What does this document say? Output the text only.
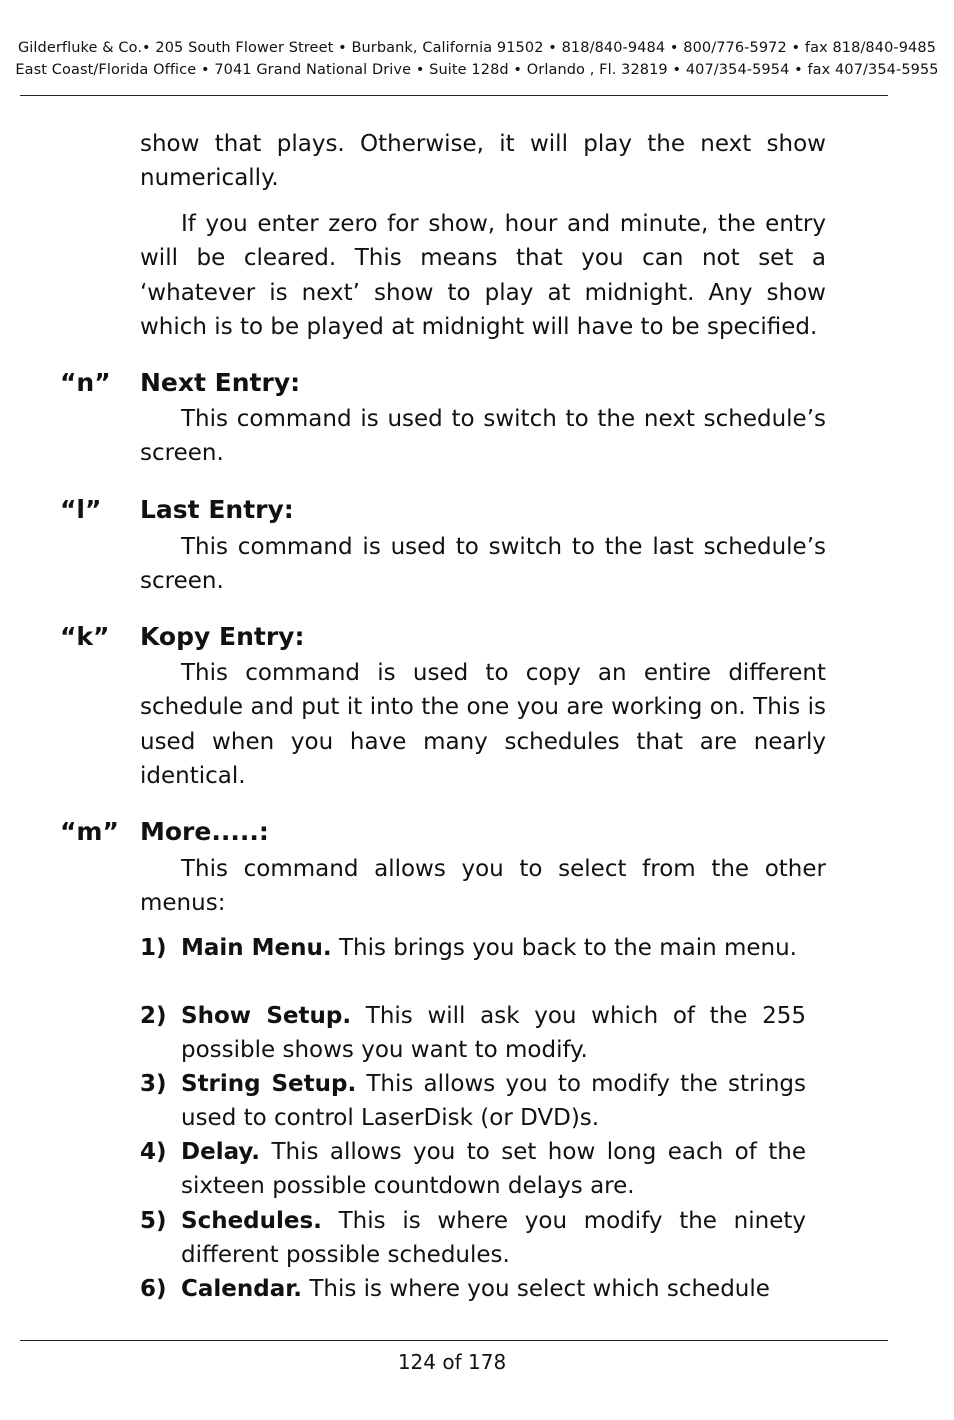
Gilderfluke & Co.• 205 South Flower Street • Burbank, California 91502 • 818/840-9484 • 800/776-5972 • fax 818/840-9485
East Coast/Florida Office • 7041 Grand National Drive • Suite 128d • Orlando , Fl. 32819 • 407/354-5954 • fax 407/354-5955

show that plays. Otherwise, it will play the next show numerically.

If you enter zero for show, hour and minute, the entry will be cleared. This means that you can not set a ‘whatever is next’ show to play at midnight. Any show which is to be played at midnight will have to be specified.

“n” Next Entry:

This command is used to switch to the next schedule’s screen.

“l” Last Entry:

This command is used to switch to the last schedule’s screen.

“k” Kopy Entry:

This command is used to copy an entire different schedule and put it into the one you are working on. This is used when you have many schedules that are nearly identical.

“m” More.....:

This command allows you to select from the other menus:

1) Main Menu. This brings you back to the main menu.
2) Show Setup. This will ask you which of the 255 possible shows you want to modify.
3) String Setup. This allows you to modify the strings used to control LaserDisk (or DVD)s.
4) Delay. This allows you to set how long each of the sixteen possible countdown delays are.
5) Schedules. This is where you modify the ninety different possible schedules.
6) Calendar. This is where you select which schedule
124 of 178
